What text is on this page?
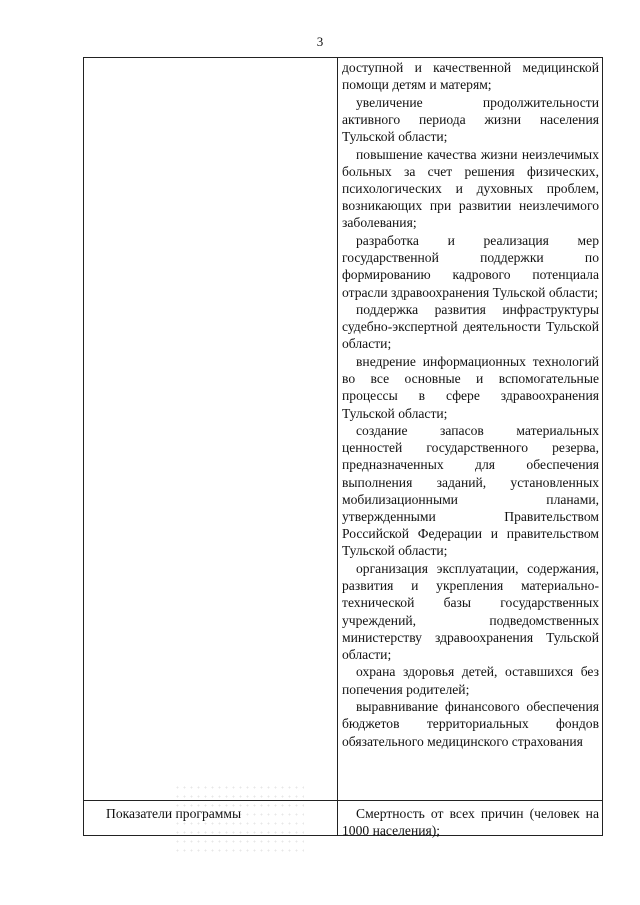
3

доступной и качественной медицинской помощи детям и матерям;

увеличение продолжительности активного периода жизни населения Тульской области;

повышение качества жизни неизлечимых больных за счет решения физических, психологических и духовных проблем, возникающих при развитии неизлечимого заболевания;

разработка и реализация мер государственной поддержки по формированию кадрового потенциала отрасли здравоохранения Тульской области;

поддержка развития инфраструктуры судебно-экспертной деятельности Тульской области;

внедрение информационных технологий во все основные и вспомогательные процессы в сфере здравоохранения Тульской области;

создание запасов материальных ценностей государственного резерва, предназначенных для обеспечения выполнения заданий, установленных мобилизационными планами, утвержденными Правительством Российской Федерации и правительством Тульской области;

организация эксплуатации, содержания, развития и укрепления материально-технической базы государственных учреждений, подведомственных министерству здравоохранения Тульской области;

охрана здоровья детей, оставшихся без попечения родителей;

выравнивание финансового обеспечения бюджетов территориальных фондов обязательного медицинского страхования

Показатели программы	Смертность от всех причин (человек на 1000 населения);
